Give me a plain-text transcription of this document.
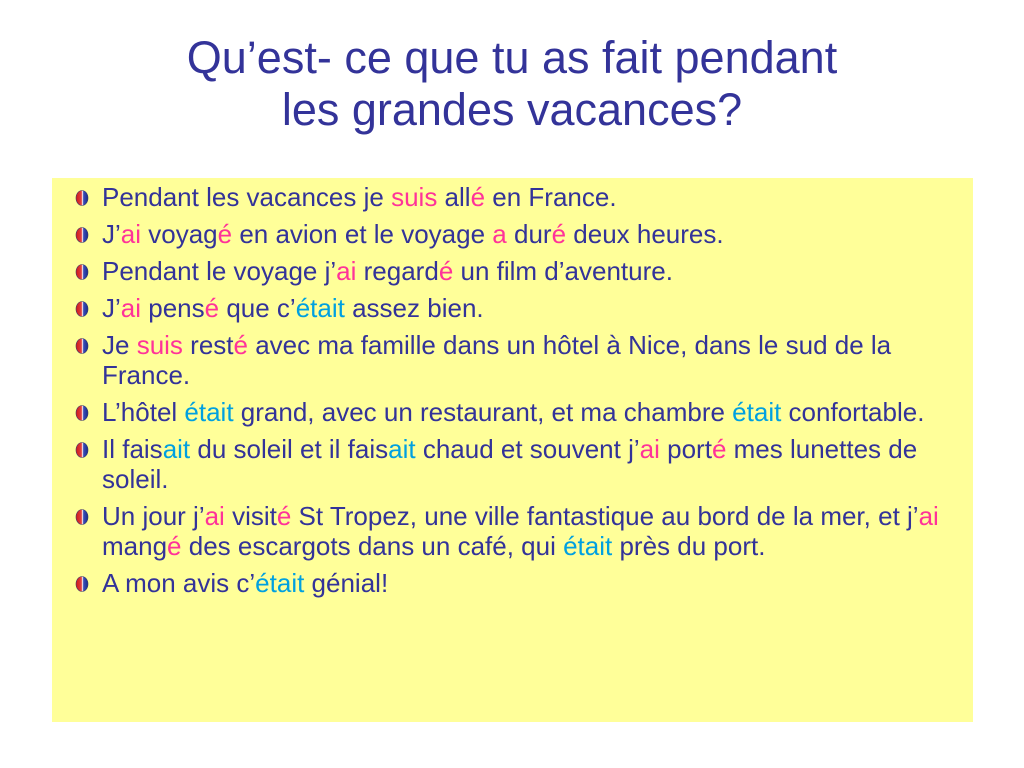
Qu’est- ce que tu as fait pendant
les grandes vacances?
Pendant les vacances je suis allé en France.
J’ai voyagé en avion et le voyage a duré deux heures.
Pendant le voyage j’ai regardé un film d’aventure.
J’ai pensé que c’était assez bien.
Je suis resté avec ma famille dans un hôtel à Nice, dans le sud de la France.
L’hôtel était grand, avec un restaurant, et ma chambre était confortable.
Il faisait du soleil et il faisait chaud et souvent j’ai porté mes lunettes de soleil.
Un jour j’ai visité St Tropez, une ville fantastique au bord de la mer, et j’ai mangé des escargots dans un café, qui était près du port.
A mon avis c’était génial!
